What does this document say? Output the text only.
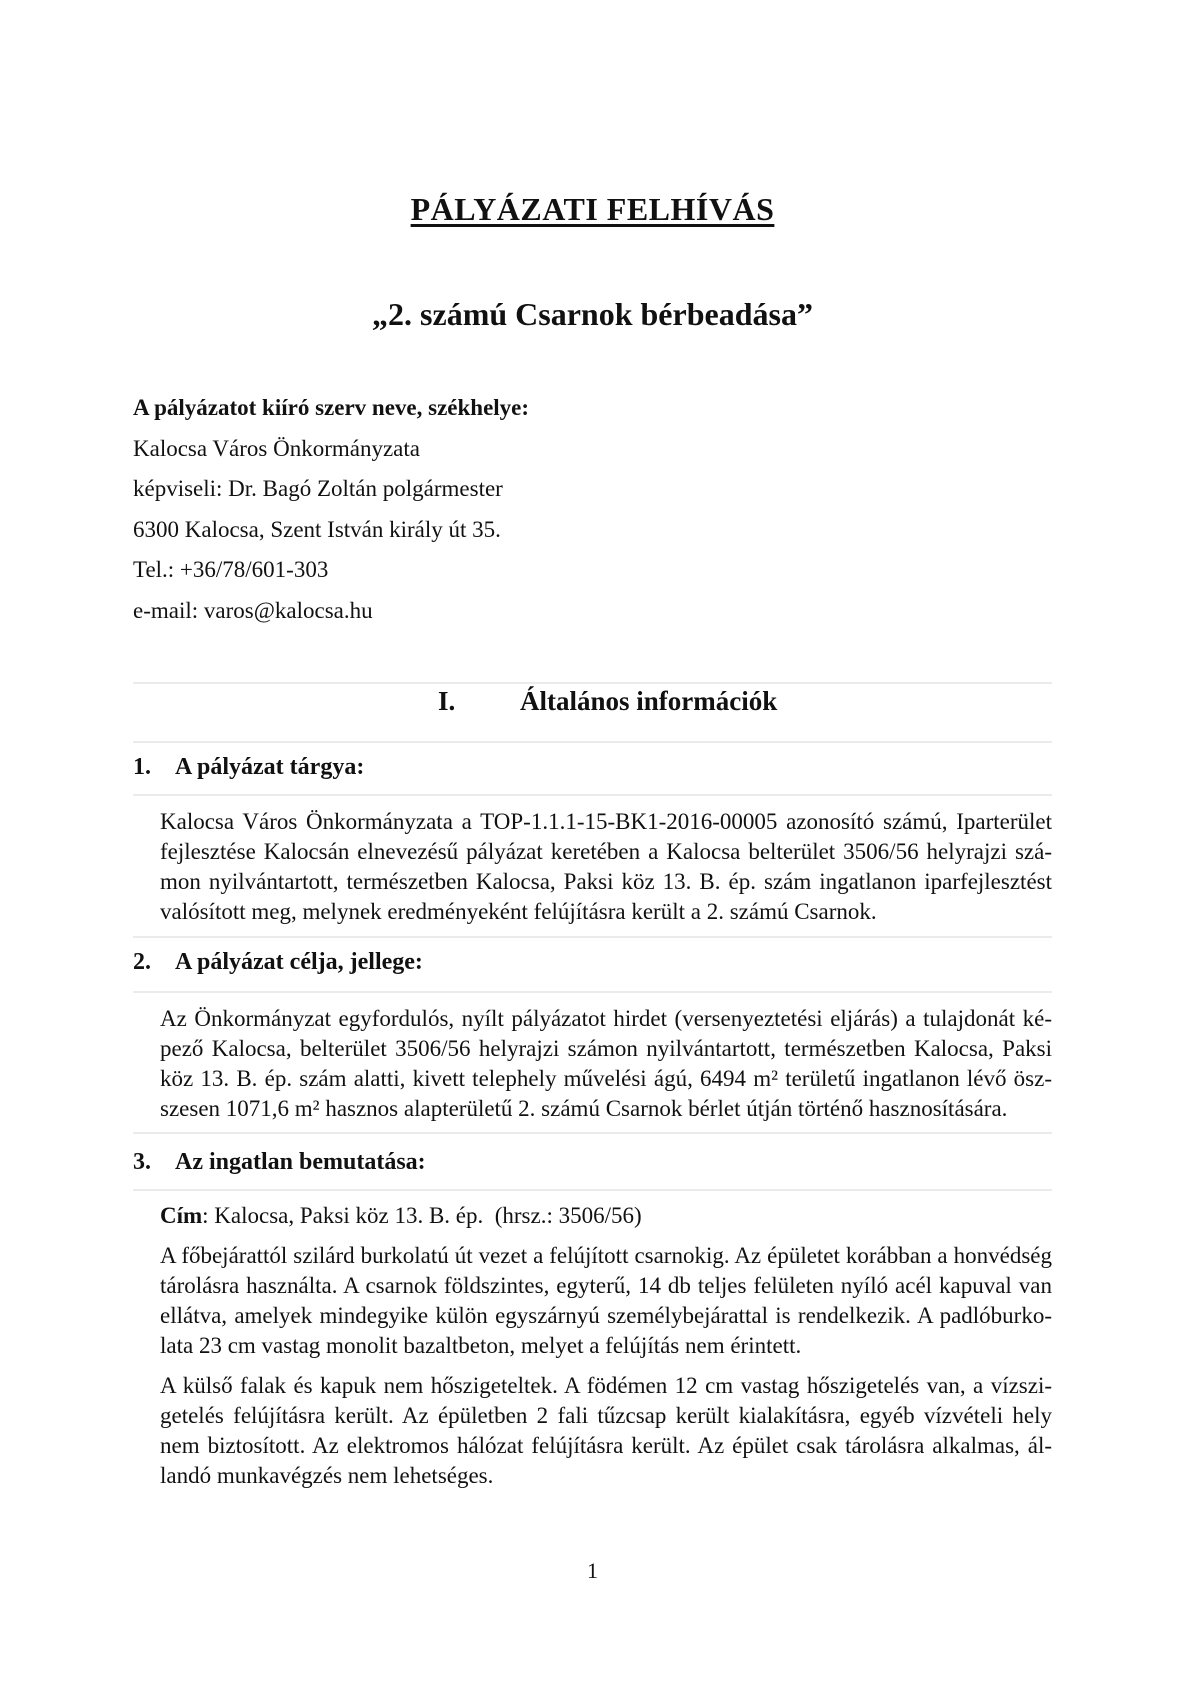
PÁLYÁZATI FELHÍVÁS
„2. számú Csarnok bérbeadása”
A pályázatot kiíró szerv neve, székhelye:
Kalocsa Város Önkormányzata
képviseli: Dr. Bagó Zoltán polgármester
6300 Kalocsa, Szent István király út 35.
Tel.: +36/78/601-303
e-mail: varos@kalocsa.hu
I. Általános információk
1. A pályázat tárgya:
Kalocsa Város Önkormányzata a TOP-1.1.1-15-BK1-2016-00005 azonosító számú, Iparterület
fejlesztése Kalocsán elnevezésű pályázat keretében a Kalocsa belterület 3506/56 helyrajzi szá-
mon nyilvántartott, természetben Kalocsa, Paksi köz 13. B. ép. szám ingatlanon iparfejlesztést
valósított meg, melynek eredményeként felújításra került a 2. számú Csarnok.
2. A pályázat célja, jellege:
Az Önkormányzat egyfordulós, nyílt pályázatot hirdet (versenyeztetési eljárás) a tulajdonát ké-
pező Kalocsa, belterület 3506/56 helyrajzi számon nyilvántartott, természetben Kalocsa, Paksi
köz 13. B. ép. szám alatti, kivett telephely művelési ágú, 6494 m² területű ingatlanon lévő ösz-
szesen 1071,6 m² hasznos alapterületű 2. számú Csarnok bérlet útján történő hasznosítására.
3. Az ingatlan bemutatása:
Cím: Kalocsa, Paksi köz 13. B. ép.  (hrsz.: 3506/56)
A főbejárattól szilárd burkolatú út vezet a felújított csarnokig. Az épületet korábban a honvédség
tárolásra használta. A csarnok földszintes, egyterű, 14 db teljes felületen nyíló acél kapuval van
ellátva, amelyek mindegyike külön egyszárnyú személybejárattal is rendelkezik. A padlóburko-
lata 23 cm vastag monolit bazaltbeton, melyet a felújítás nem érintett.
A külső falak és kapuk nem hőszigeteltek. A födémen 12 cm vastag hőszigetelés van, a vízszi-
getelés felújításra került. Az épületben 2 fali tűzcsap került kialakításra, egyéb vízvételi hely
nem biztosított. Az elektromos hálózat felújításra került. Az épület csak tárolásra alkalmas, ál-
landó munkavégzés nem lehetséges.
1
